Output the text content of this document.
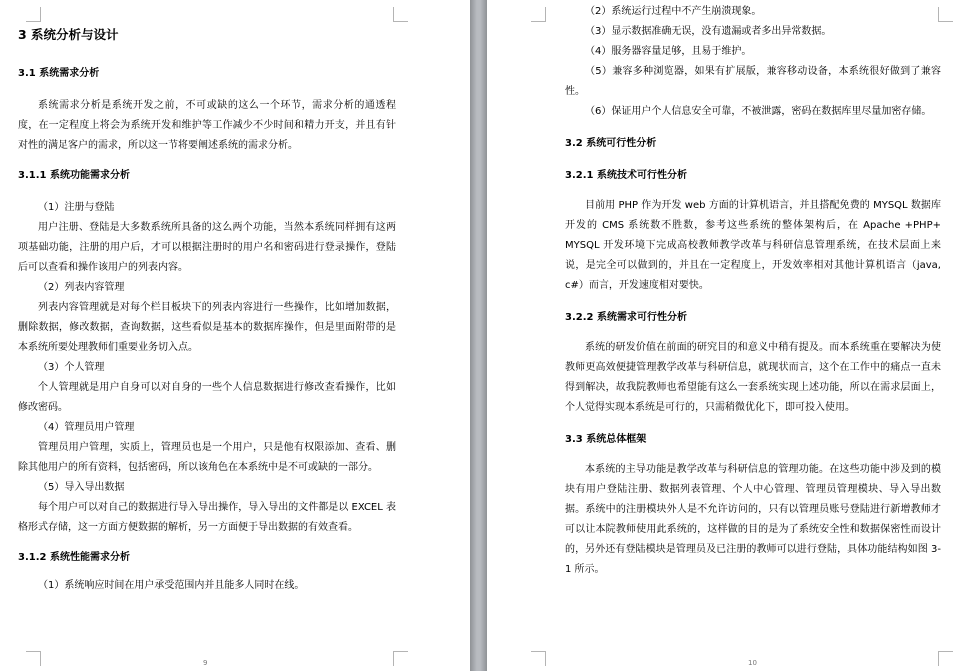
3 系统分析与设计

3.1 系统需求分析

系统需求分析是系统开发之前，不可或缺的这么一个环节，需求分析的通透程度，在一定程度上将会为系统开发和维护等工作减少不少时间和精力开支，并且有针对性的满足客户的需求，所以这一节将要阐述系统的需求分析。

3.1.1 系统功能需求分析

（1）注册与登陆

用户注册、登陆是大多数系统所具备的这么两个功能，当然本系统同样拥有这两项基础功能，注册的用户后，才可以根据注册时的用户名和密码进行登录操作，登陆后可以查看和操作该用户的列表内容。

（2）列表内容管理

列表内容管理就是对每个栏目板块下的列表内容进行一些操作，比如增加数据，删除数据，修改数据，查询数据，这些看似是基本的数据库操作，但是里面附带的是本系统所要处理教师们重要业务切入点。

（3）个人管理

个人管理就是用户自身可以对自身的一些个人信息数据进行修改查看操作，比如修改密码。

（4）管理员用户管理

管理员用户管理，实质上，管理员也是一个用户，只是他有权限添加、查看、删除其他用户的所有资料，包括密码，所以该角色在本系统中是不可或缺的一部分。

（5）导入导出数据

每个用户可以对自己的数据进行导入导出操作，导入导出的文件都是以 EXCEL 表格形式存储，这一方面方便数据的解析，另一方面便于导出数据的有效查看。

3.1.2 系统性能需求分析

（1）系统响应时间在用户承受范围内并且能多人同时在线。

9

（2）系统运行过程中不产生崩溃现象。

（3）显示数据准确无误，没有遗漏或者多出异常数据。

（4）服务器容量足够，且易于维护。

（5）兼容多种浏览器，如果有扩展版，兼容移动设备，本系统很好做到了兼容性。

（6）保证用户个人信息安全可靠，不被泄露，密码在数据库里尽量加密存储。

3.2 系统可行性分析

3.2.1 系统技术可行性分析

目前用 PHP 作为开发 web 方面的计算机语言，并且搭配免费的 MYSQL 数据库开发的 CMS 系统数不胜数，参考这些系统的整体架构后，在 Apache +PHP+ MYSQL 开发环境下完成高校教师教学改革与科研信息管理系统，在技术层面上来说，是完全可以做到的，并且在一定程度上，开发效率相对其他计算机语言（java, c#）而言，开发速度相对要快。

3.2.2 系统需求可行性分析

系统的研发价值在前面的研究目的和意义中稍有提及。而本系统重在要解决为使教师更高效便捷管理教学改革与科研信息，就现状而言，这个在工作中的痛点一直未得到解决，故我院教师也希望能有这么一套系统实现上述功能，所以在需求层面上，个人觉得实现本系统是可行的，只需稍微优化下，即可投入使用。

3.3 系统总体框架

本系统的主导功能是教学改革与科研信息的管理功能。在这些功能中涉及到的模块有用户登陆注册、数据列表管理、个人中心管理、管理员管理模块、导入导出数据。系统中的注册模块外人是不允许访问的，只有以管理员账号登陆进行新增教师才可以让本院教师使用此系统的，这样做的目的是为了系统安全性和数据保密性而设计的，另外还有登陆模块是管理员及已注册的教师可以进行登陆，具体功能结构如图 3-1 所示。

10
